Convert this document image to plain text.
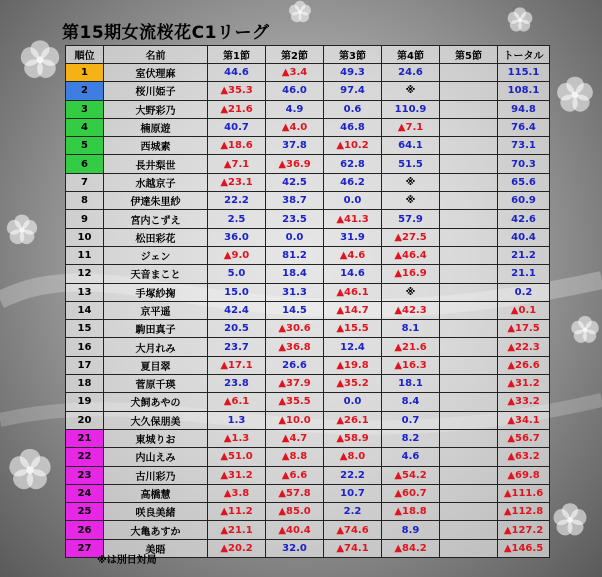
第15期女流桜花C1リーグ
順位	名前	第1節	第2節	第3節	第4節	第5節	トータル
1	室伏理麻	44.6	▲3.4	49.3	24.6		115.1
2	桜川姫子	▲35.3	46.0	97.4	※		108.1
3	大野彩乃	▲21.6	4.9	0.6	110.9		94.8
4	楠原遊	40.7	▲4.0	46.8	▲7.1		76.4
5	西城素	▲18.6	37.8	▲10.2	64.1		73.1
6	長井梨世	▲7.1	▲36.9	62.8	51.5		70.3
7	水越京子	▲23.1	42.5	46.2	※		65.6
8	伊達朱里紗	22.2	38.7	0.0	※		60.9
9	宮内こずえ	2.5	23.5	▲41.3	57.9		42.6
10	松田彩花	36.0	0.0	31.9	▲27.5		40.4
11	ジェン	▲9.0	81.2	▲4.6	▲46.4		21.2
12	天音まこと	5.0	18.4	14.6	▲16.9		21.1
13	手塚紗掬	15.0	31.3	▲46.1	※		0.2
14	京平遥	42.4	14.5	▲14.7	▲42.3		▲0.1
15	駒田真子	20.5	▲30.6	▲15.5	8.1		▲17.5
16	大月れみ	23.7	▲36.8	12.4	▲21.6		▲22.3
17	夏目翠	▲17.1	26.6	▲19.8	▲16.3		▲26.6
18	菅原千瑛	23.8	▲37.9	▲35.2	18.1		▲31.2
19	犬飼あやの	▲6.1	▲35.5	0.0	8.4		▲33.2
20	大久保朋美	1.3	▲10.0	▲26.1	0.7		▲34.1
21	東城りお	▲1.3	▲4.7	▲58.9	8.2		▲56.7
22	内山えみ	▲51.0	▲8.8	▲8.0	4.6		▲63.2
23	古川彩乃	▲31.2	▲6.6	22.2	▲54.2		▲69.8
24	高橋慧	▲3.8	▲57.8	10.7	▲60.7		▲111.6
25	咲良美緒	▲11.2	▲85.0	2.2	▲18.8		▲112.8
26	大亀あすか	▲21.1	▲40.4	▲74.6	8.9		▲127.2
27	美晤	▲20.2	32.0	▲74.1	▲84.2		▲146.5
※は別日対局
